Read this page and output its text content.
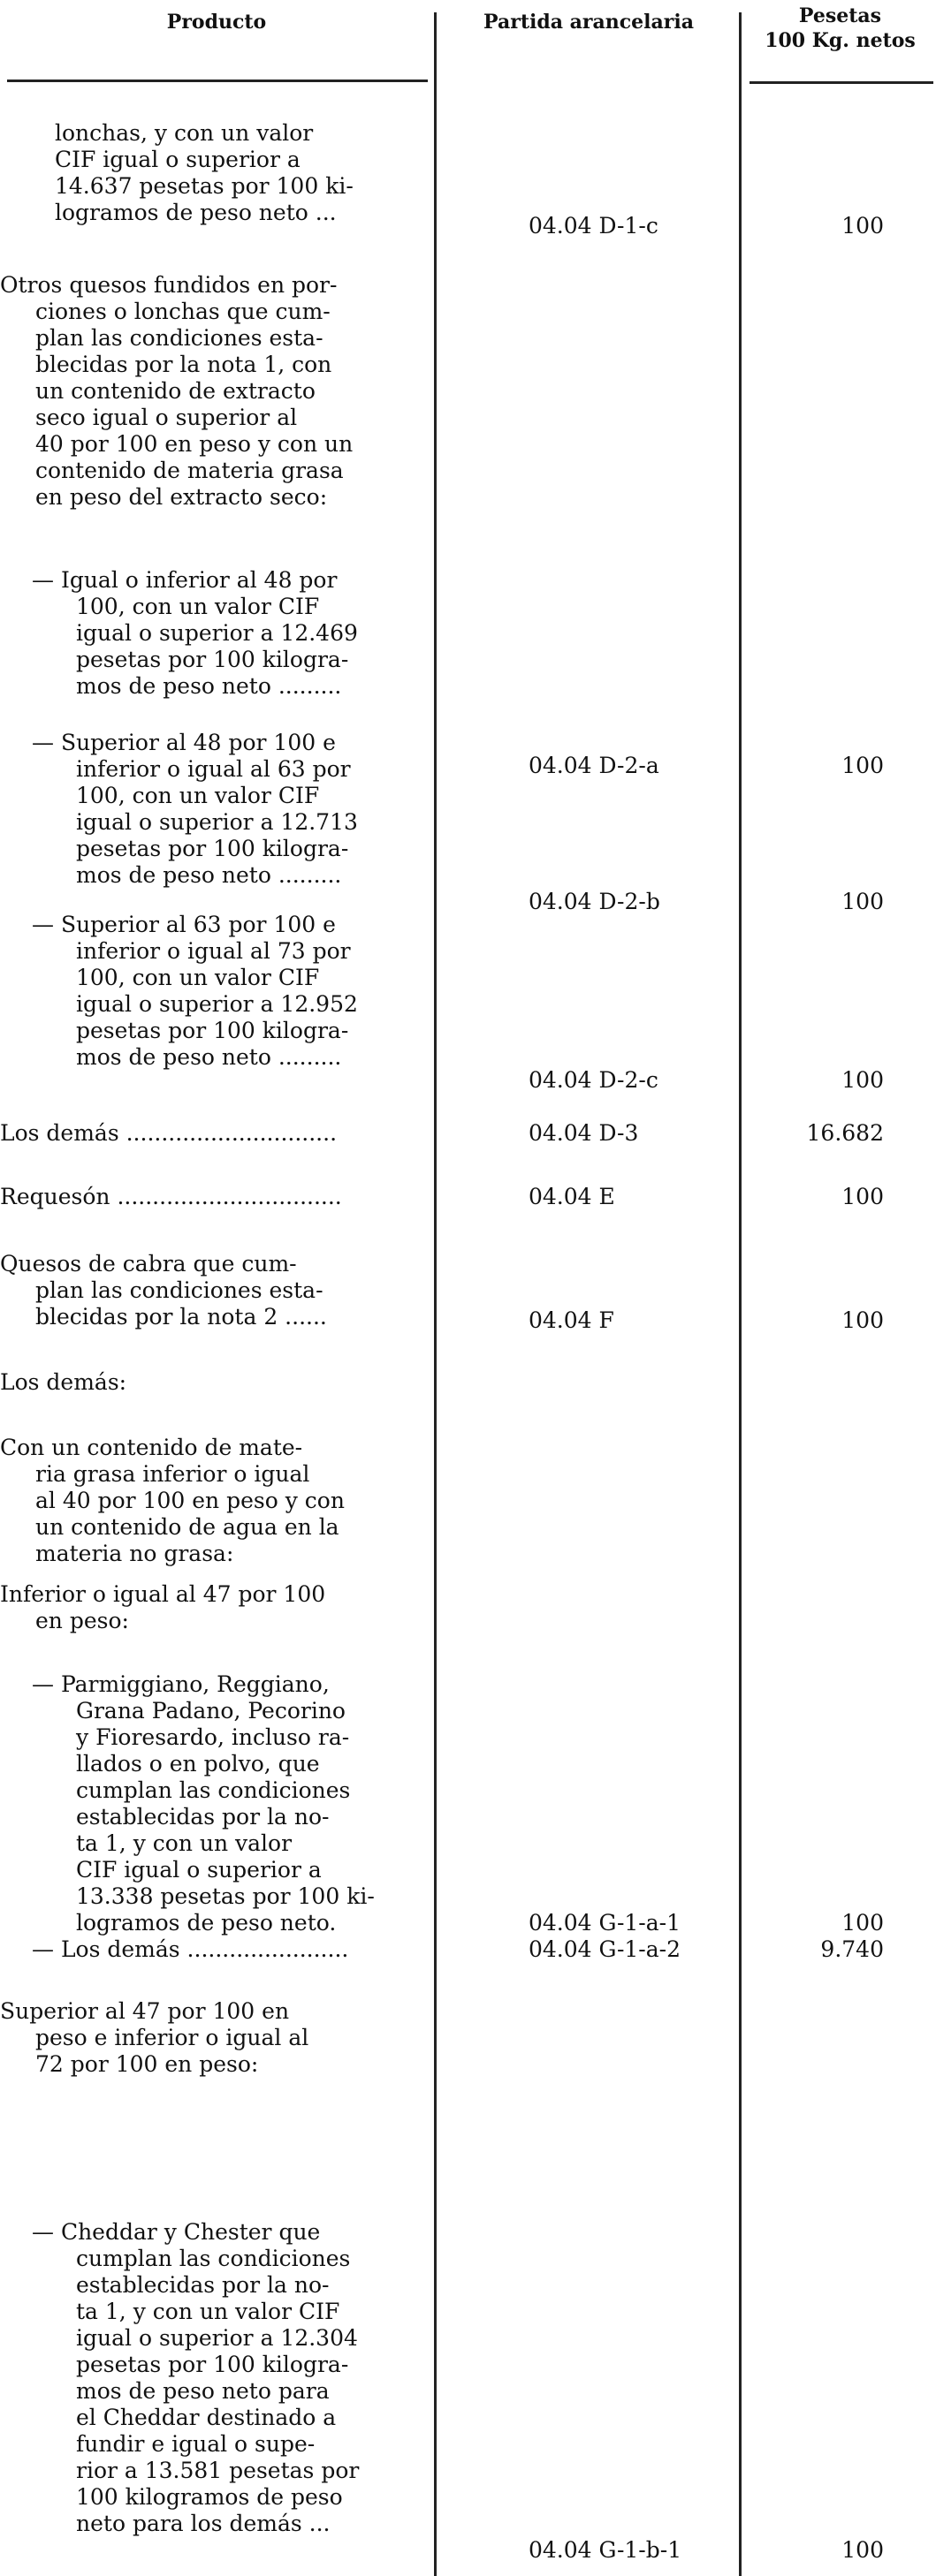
Producto	Partida arancelaria	Pesetas
100 Kg. netos
lonchas, y con un valor
CIF igual o superior a
14.637 pesetas por 100 ki-
logramos de peso neto ...
04.04 D-1-c	100
Otros quesos fundidos en por-
ciones o lonchas que cum-
plan las condiciones esta-
blecidas por la nota 1, con
un contenido de extracto
seco igual o superior al
40 por 100 en peso y con un
contenido de materia grasa
en peso del extracto seco:
— Igual o inferior al 48 por
100, con un valor CIF
igual o superior a 12.469
pesetas por 100 kilogra-
mos de peso neto .........
04.04 D-2-a	100
— Superior al 48 por 100 e
inferior o igual al 63 por
100, con un valor CIF
igual o superior a 12.713
pesetas por 100 kilogra-
mos de peso neto .........
04.04 D-2-b	100
— Superior al 63 por 100 e
inferior o igual al 73 por
100, con un valor CIF
igual o superior a 12.952
pesetas por 100 kilogra-
mos de peso neto .........
04.04 D-2-c	100
Los demás ..............................	04.04 D-3	16.682
Requesón ................................	04.04 E	100
Quesos de cabra que cum-
plan las condiciones esta-
blecidas por la nota 2 ......	04.04 F	100
Los demás:
Con un contenido de mate-
ria grasa inferior o igual
al 40 por 100 en peso y con
un contenido de agua en la
materia no grasa:
Inferior o igual al 47 por 100
en peso:
— Parmiggiano, Reggiano,
Grana Padano, Pecorino
y Fioresardo, incluso ra-
llados o en polvo, que
cumplan las condiciones
establecidas por la no-
ta 1, y con un valor
CIF igual o superior a
13.338 pesetas por 100 ki-
logramos de peso neto.	04.04 G-1-a-1	100
— Los demás .......................	04.04 G-1-a-2	9.740
Superior al 47 por 100 en
peso e inferior o igual al
72 por 100 en peso:
— Cheddar y Chester que
cumplan las condiciones
establecidas por la no-
ta 1, y con un valor CIF
igual o superior a 12.304
pesetas por 100 kilogra-
mos de peso neto para
el Cheddar destinado a
fundir e igual o supe-
rior a 13.581 pesetas por
100 kilogramos de peso
neto para los demás ...
04.04 G-1-b-1	100
